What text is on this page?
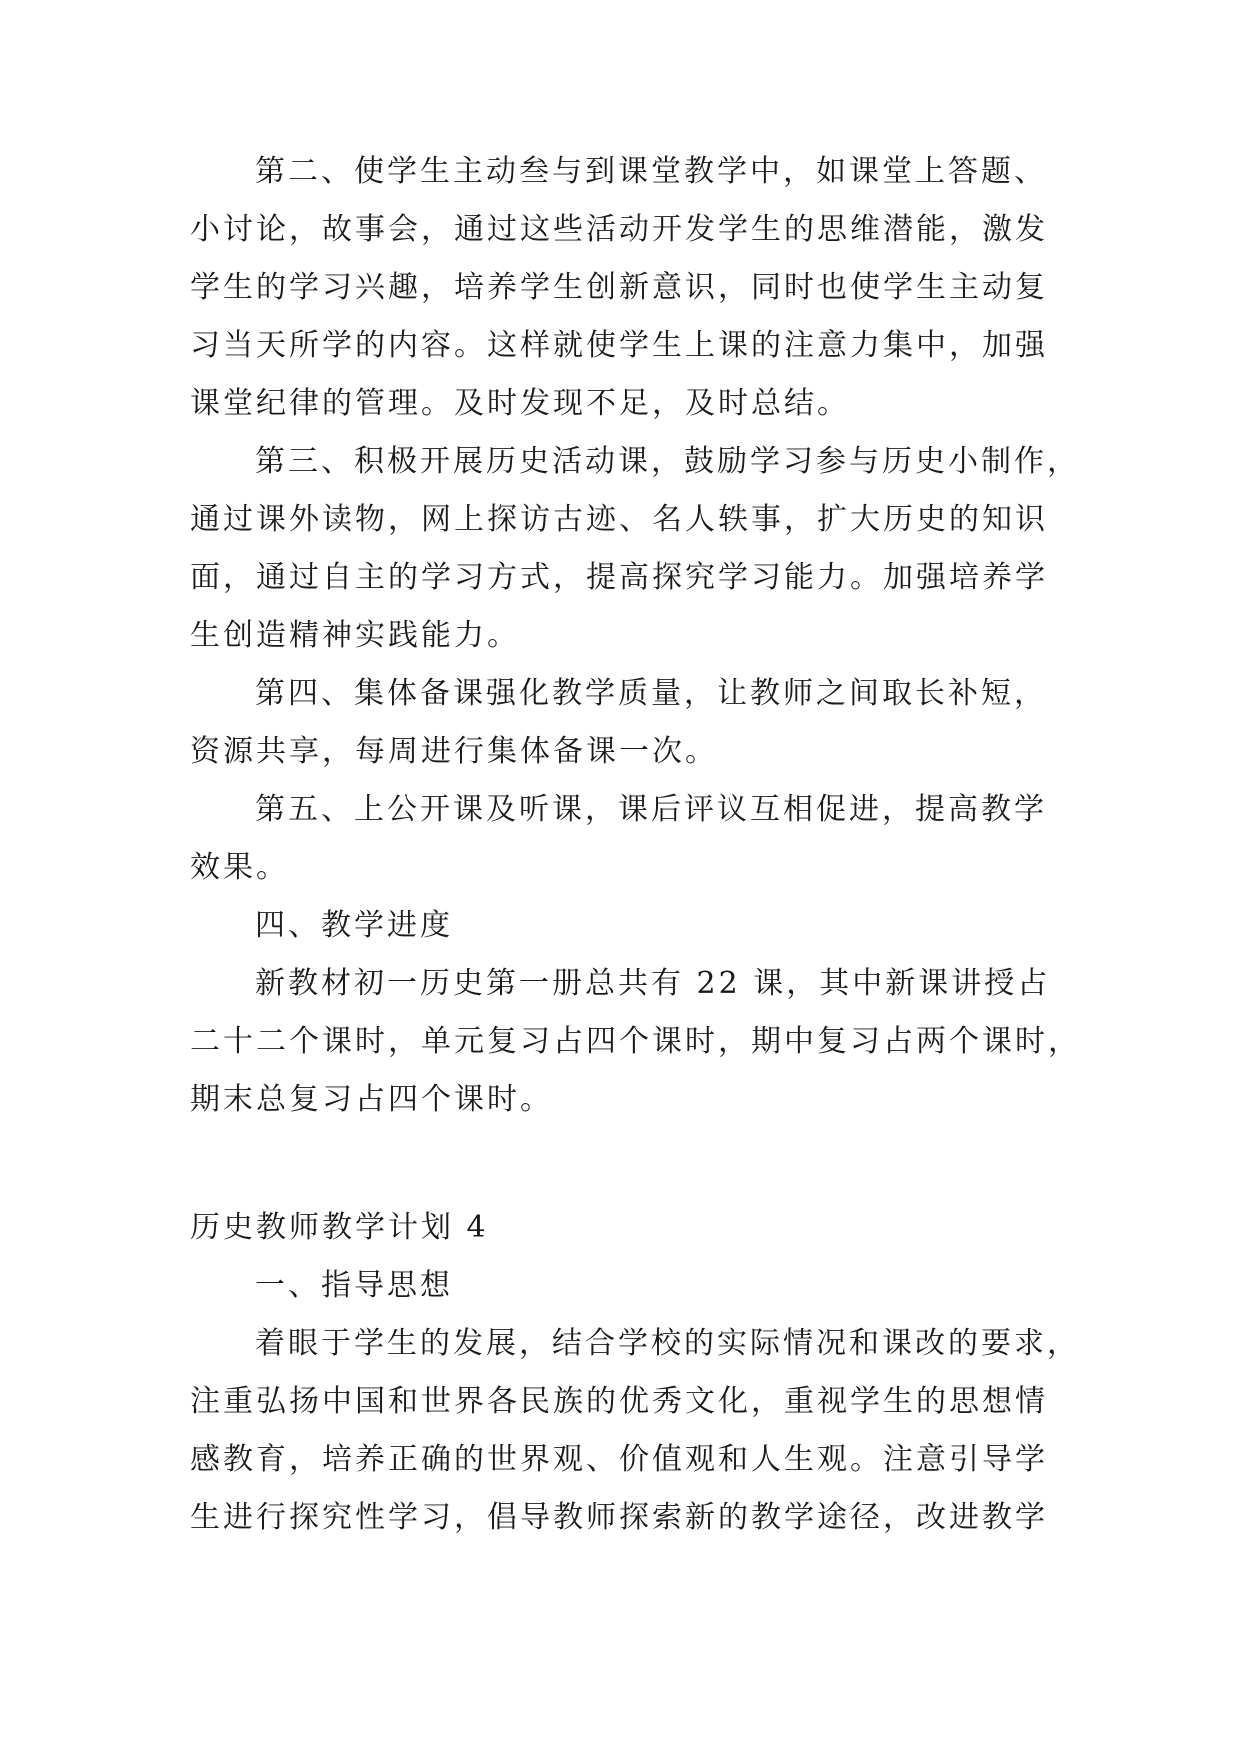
第二、使学生主动叁与到课堂教学中，如课堂上答题、
小讨论，故事会，通过这些活动开发学生的思维潜能，激发
学生的学习兴趣，培养学生创新意识，同时也使学生主动复
习当天所学的内容。这样就使学生上课的注意力集中，加强
课堂纪律的管理。及时发现不足，及时总结。
第三、积极开展历史活动课，鼓励学习参与历史小制作，
通过课外读物，网上探访古迹、名人轶事，扩大历史的知识
面，通过自主的学习方式，提高探究学习能力。加强培养学
生创造精神实践能力。
第四、集体备课强化教学质量，让教师之间取长补短，
资源共享，每周进行集体备课一次。
第五、上公开课及听课，课后评议互相促进，提高教学
效果。
四、教学进度
新教材初一历史第一册总共有 22 课，其中新课讲授占
二十二个课时，单元复习占四个课时，期中复习占两个课时，
期末总复习占四个课时。
历史教师教学计划 4
一、指导思想
着眼于学生的发展，结合学校的实际情况和课改的要求，
注重弘扬中国和世界各民族的优秀文化，重视学生的思想情
感教育，培养正确的世界观、价值观和人生观。注意引导学
生进行探究性学习，倡导教师探索新的教学途径，改进教学
